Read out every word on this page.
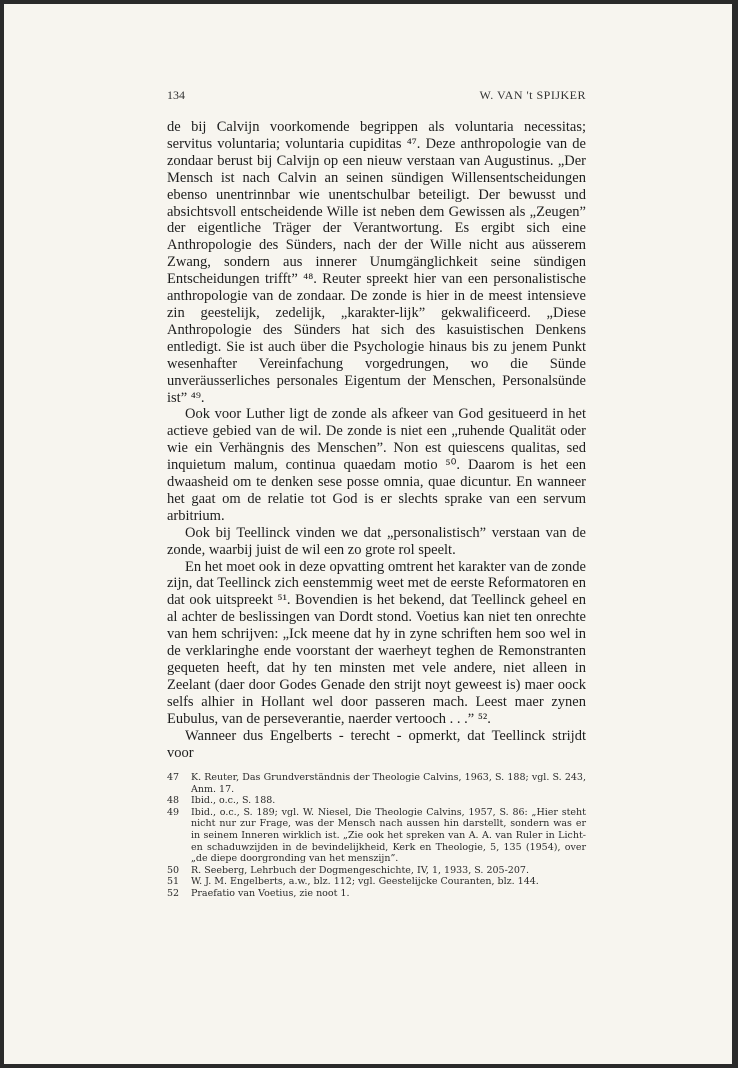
134	W. VAN 't SPIJKER

de bij Calvijn voorkomende begrippen als voluntaria necessitas; servitus voluntaria; voluntaria cupiditas ⁴⁷. Deze anthropologie van de zondaar berust bij Calvijn op een nieuw verstaan van Augustinus. „Der Mensch ist nach Calvin an seinen sündigen Willensentscheidungen ebenso unentrinnbar wie unentschulbar beteiligt. Der bewusst und absichtsvoll entscheidende Wille ist neben dem Gewissen als „Zeugen” der eigentliche Träger der Verantwortung. Es ergibt sich eine Anthropologie des Sünders, nach der der Wille nicht aus aüsserem Zwang, sondern aus innerer Unumgänglichkeit seine sündigen Entscheidungen trifft” ⁴⁸. Reuter spreekt hier van een personalistische anthropologie van de zondaar. De zonde is hier in de meest intensieve zin geestelijk, zedelijk, „karakter-lijk” gekwalificeerd. „Diese Anthropologie des Sünders hat sich des kasuistischen Denkens entledigt. Sie ist auch über die Psychologie hinaus bis zu jenem Punkt wesenhafter Vereinfachung vorgedrungen, wo die Sünde unveräusserliches personales Eigentum der Menschen, Personalsünde ist” ⁴⁹.

Ook voor Luther ligt de zonde als afkeer van God gesitueerd in het actieve gebied van de wil. De zonde is niet een „ruhende Qualität oder wie ein Verhängnis des Menschen”. Non est quiescens qualitas, sed inquietum malum, continua quaedam motio ⁵⁰. Daarom is het een dwaasheid om te denken sese posse omnia, quae dicuntur. En wanneer het gaat om de relatie tot God is er slechts sprake van een servum arbitrium.

Ook bij Teellinck vinden we dat „personalistisch” verstaan van de zonde, waarbij juist de wil een zo grote rol speelt.

En het moet ook in deze opvatting omtrent het karakter van de zonde zijn, dat Teellinck zich eenstemmig weet met de eerste Reformatoren en dat ook uitspreekt ⁵¹. Bovendien is het bekend, dat Teellinck geheel en al achter de beslissingen van Dordt stond. Voetius kan niet ten onrechte van hem schrijven: „Ick meene dat hy in zyne schriften hem soo wel in de verklaringhe ende voorstant der waerheyt teghen de Remonstranten gequeten heeft, dat hy ten minsten met vele andere, niet alleen in Zeelant (daer door Godes Genade den strijt noyt geweest is) maer oock selfs alhier in Hollant wel door passeren mach. Leest maer zynen Eubulus, van de perseverantie, naerder vertooch . . .” ⁵².

Wanneer dus Engelberts - terecht - opmerkt, dat Teellinck strijdt voor

47	K. Reuter, Das Grundverständnis der Theologie Calvins, 1963, S. 188; vgl. S. 243, Anm. 17.
48	Ibid., o.c., S. 188.
49	Ibid., o.c., S. 189; vgl. W. Niesel, Die Theologie Calvins, 1957, S. 86: „Hier steht nicht nur zur Frage, was der Mensch nach aussen hin darstellt, sondern was er in seinem Inneren wirklich ist. „Zie ook het spreken van A. A. van Ruler in Licht- en schaduwzijden in de bevindelijkheid, Kerk en Theologie, 5, 135 (1954), over „de diepe doorgronding van het menszijn”.
50	R. Seeberg, Lehrbuch der Dogmengeschichte, IV, 1, 1933, S. 205-207.
51	W. J. M. Engelberts, a.w., blz. 112; vgl. Geestelijcke Couranten, blz. 144.
52	Praefatio van Voetius, zie noot 1.
